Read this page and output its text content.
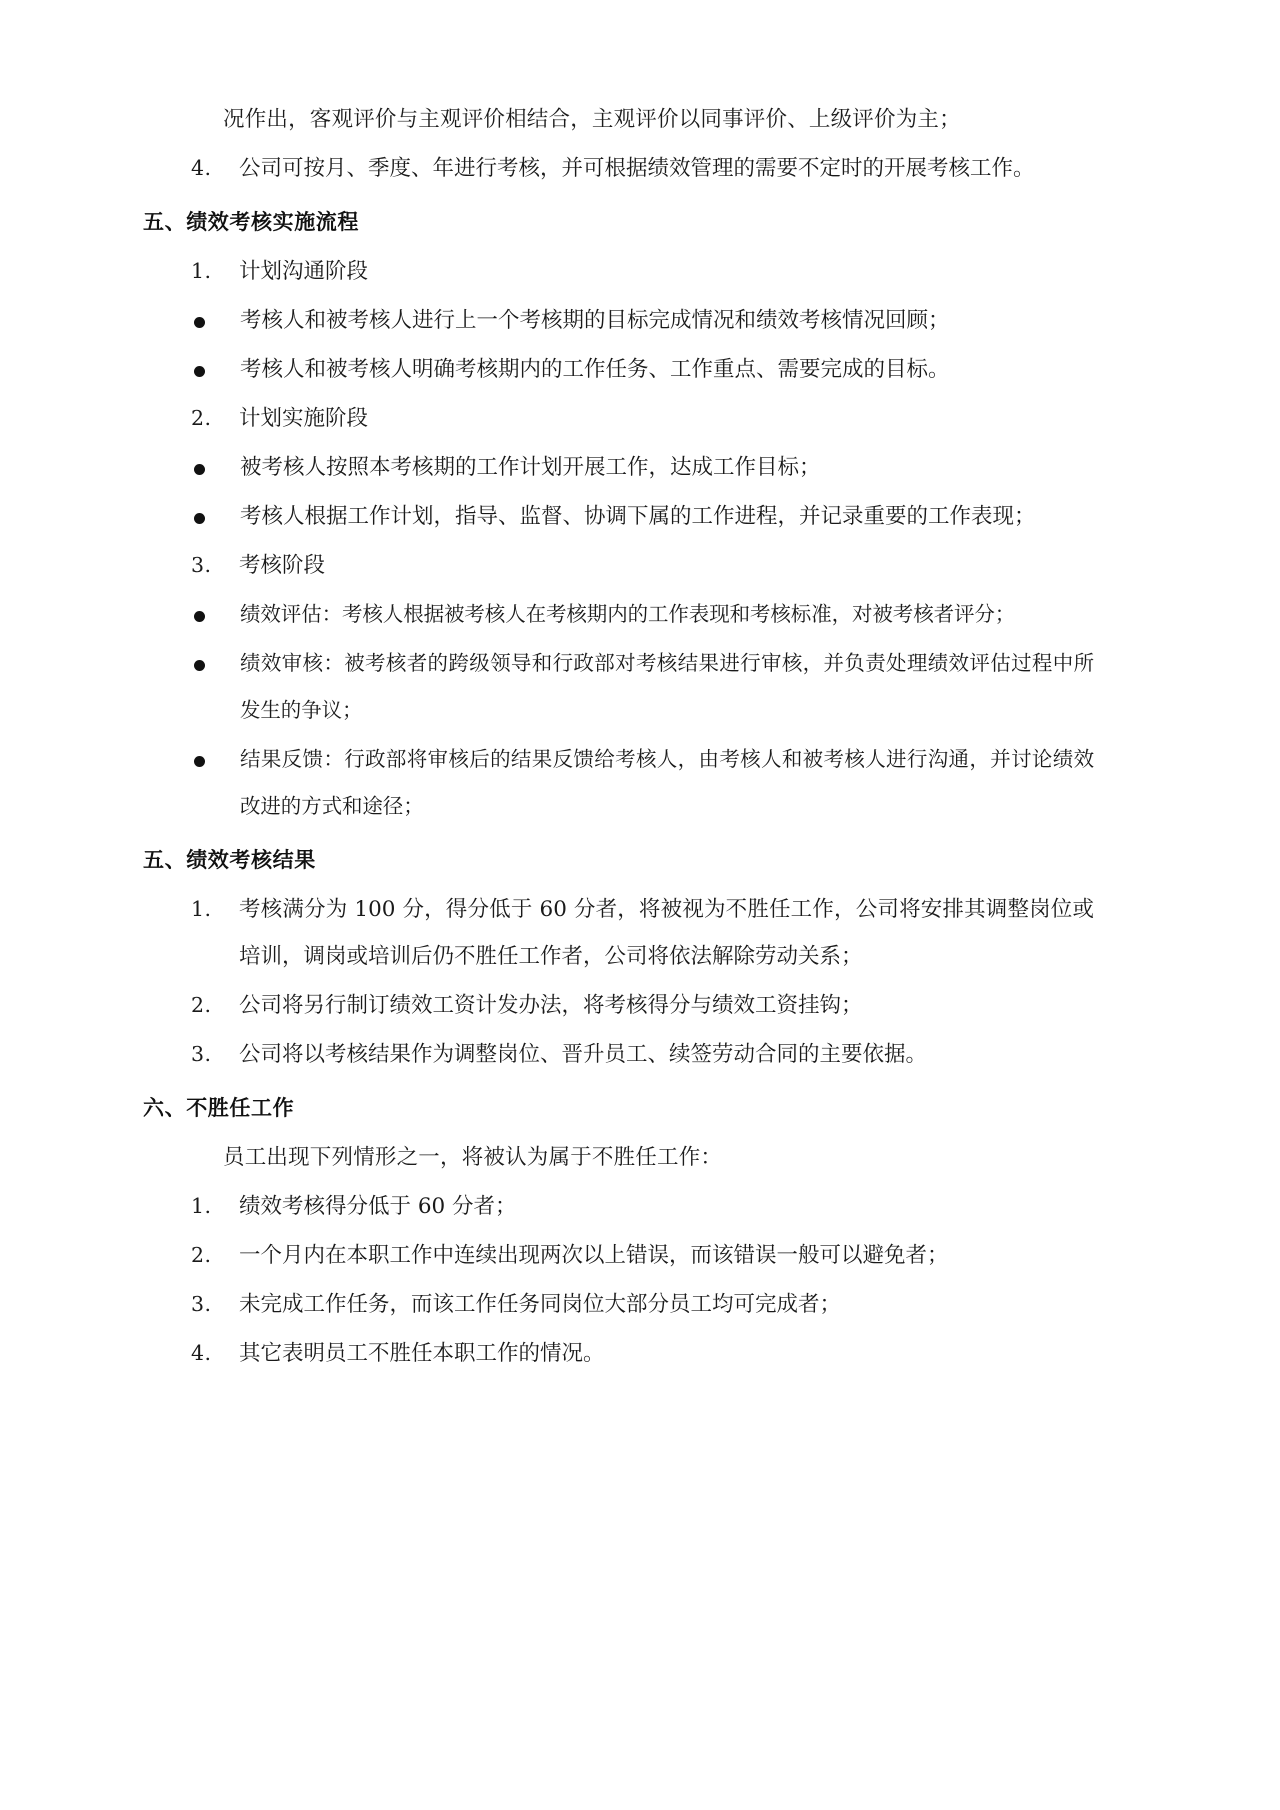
况作出，客观评价与主观评价相结合，主观评价以同事评价、上级评价为主；
4.	公司可按月、季度、年进行考核，并可根据绩效管理的需要不定时的开展考核工作。
五、绩效考核实施流程
1.	计划沟通阶段
考核人和被考核人进行上一个考核期的目标完成情况和绩效考核情况回顾；
考核人和被考核人明确考核期内的工作任务、工作重点、需要完成的目标。
2.	计划实施阶段
被考核人按照本考核期的工作计划开展工作，达成工作目标；
考核人根据工作计划，指导、监督、协调下属的工作进程，并记录重要的工作表现；
3.	考核阶段
绩效评估：考核人根据被考核人在考核期内的工作表现和考核标准，对被考核者评分；
绩效审核：被考核者的跨级领导和行政部对考核结果进行审核，并负责处理绩效评估过程中所发生的争议；
结果反馈：行政部将审核后的结果反馈给考核人，由考核人和被考核人进行沟通，并讨论绩效改进的方式和途径；
五、绩效考核结果
1.	考核满分为 100 分，得分低于 60 分者，将被视为不胜任工作，公司将安排其调整岗位或培训，调岗或培训后仍不胜任工作者，公司将依法解除劳动关系；
2.	公司将另行制订绩效工资计发办法，将考核得分与绩效工资挂钩；
3.	公司将以考核结果作为调整岗位、晋升员工、续签劳动合同的主要依据。
六、不胜任工作
员工出现下列情形之一，将被认为属于不胜任工作：
1.	绩效考核得分低于 60 分者；
2.	一个月内在本职工作中连续出现两次以上错误，而该错误一般可以避免者；
3.	未完成工作任务，而该工作任务同岗位大部分员工均可完成者；
4.	其它表明员工不胜任本职工作的情况。
